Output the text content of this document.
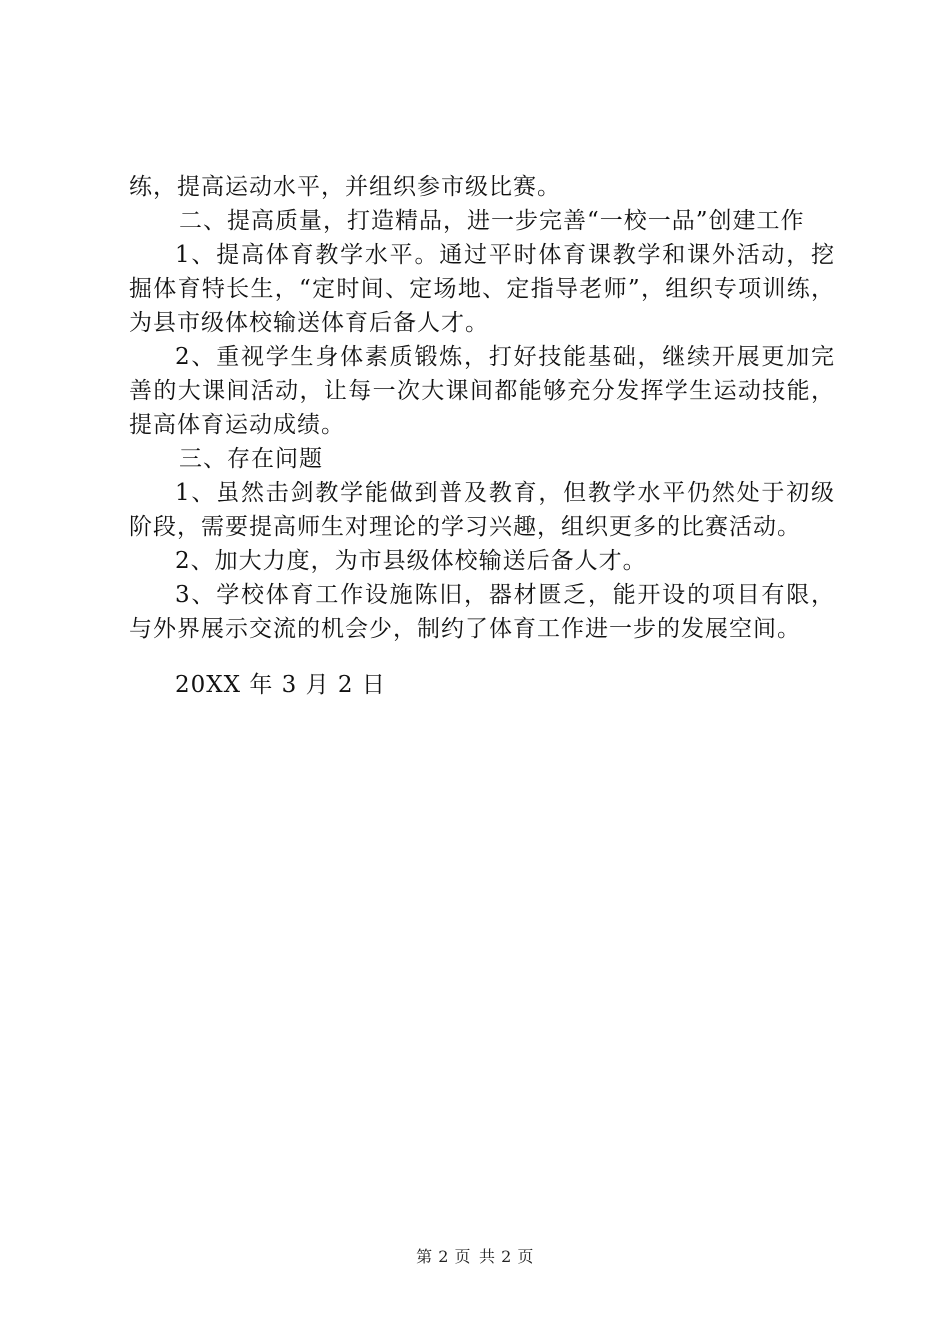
练，提高运动水平，并组织参市级比赛。

二、提高质量，打造精品，进一步完善“一校一品”创建工作

1、提高体育教学水平。通过平时体育课教学和课外活动，挖掘体育特长生，“定时间、定场地、定指导老师”，组织专项训练，为县市级体校输送体育后备人才。

2、重视学生身体素质锻炼，打好技能基础，继续开展更加完善的大课间活动，让每一次大课间都能够充分发挥学生运动技能，提高体育运动成绩。

三、存在问题

1、虽然击剑教学能做到普及教育，但教学水平仍然处于初级阶段，需要提高师生对理论的学习兴趣，组织更多的比赛活动。

2、加大力度，为市县级体校输送后备人才。

3、学校体育工作设施陈旧，器材匮乏，能开设的项目有限，与外界展示交流的机会少，制约了体育工作进一步的发展空间。

20XX 年 3 月 2 日

第 2 页 共 2 页
